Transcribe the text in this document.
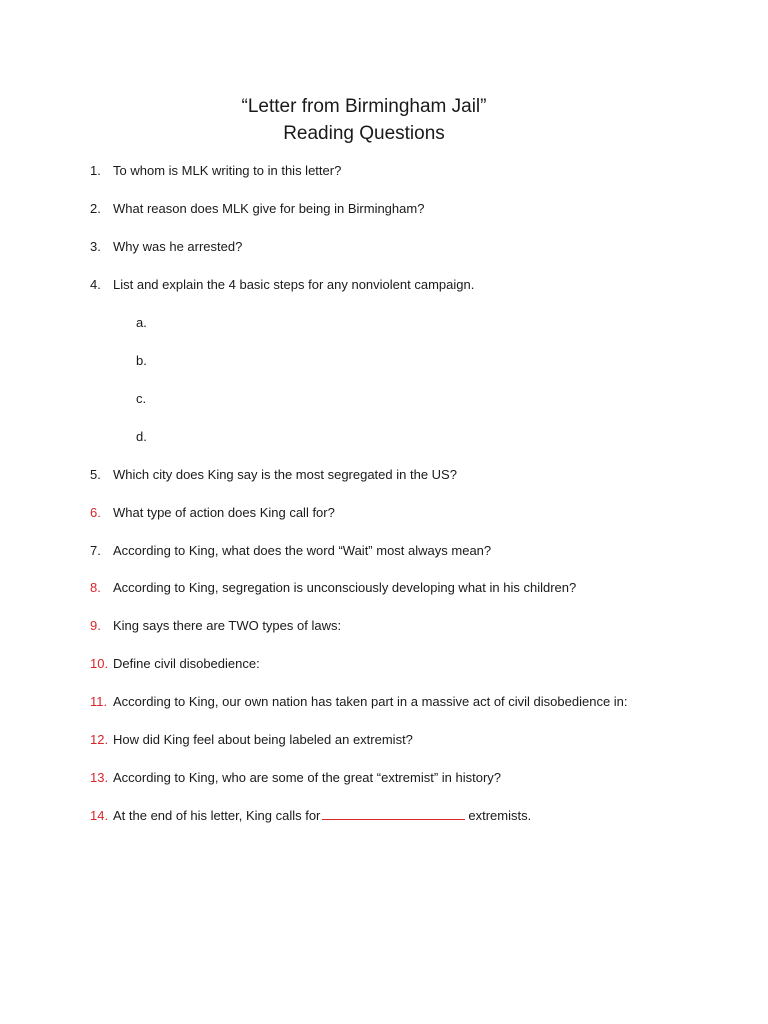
“Letter from Birmingham Jail”

Reading Questions

1. To whom is MLK writing to in this letter?
2. What reason does MLK give for being in Birmingham?
3. Why was he arrested?
4. List and explain the 4 basic steps for any nonviolent campaign.
a.
b.
c.
d.
5. Which city does King say is the most segregated in the US?
6. What type of action does King call for?
7. According to King, what does the word “Wait” most always mean?
8. According to King, segregation is unconsciously developing what in his children?
9. King says there are TWO types of laws:
10. Define civil disobedience:
11. According to King, our own nation has taken part in a massive act of civil disobedience in:
12. How did King feel about being labeled an extremist?
13. According to King, who are some of the great “extremist” in history?
14. At the end of his letter, King calls for	extremists.
